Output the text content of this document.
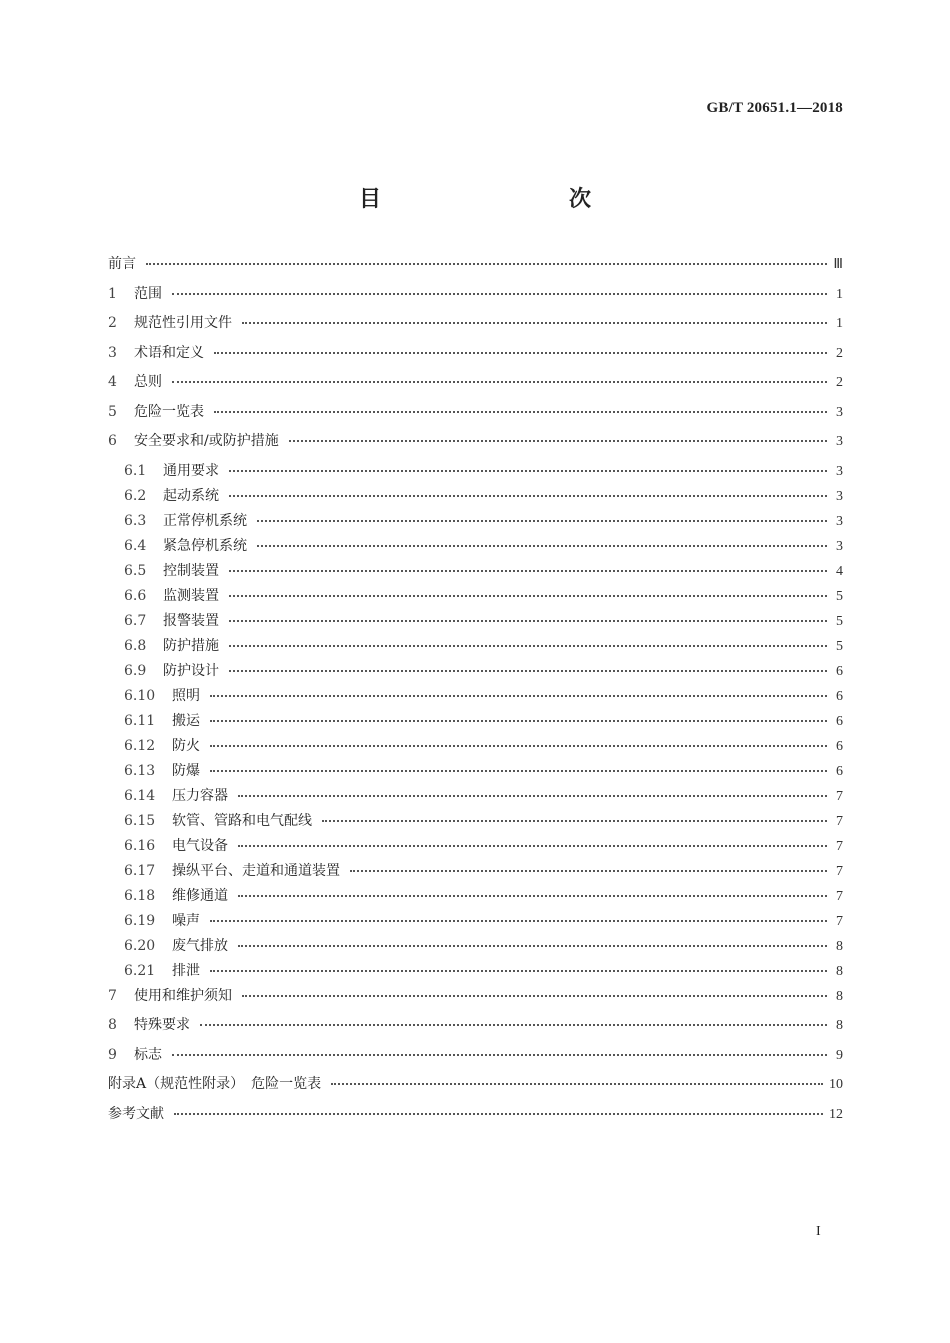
GB/T 20651.1—2018
目　　次
前言	Ⅲ
1	范围	1
2	规范性引用文件	1
3	术语和定义	2
4	总则	2
5	危险一览表	3
6	安全要求和/或防护措施	3
6.1	通用要求	3
6.2	起动系统	3
6.3	正常停机系统	3
6.4	紧急停机系统	3
6.5	控制装置	4
6.6	监测装置	5
6.7	报警装置	5
6.8	防护措施	5
6.9	防护设计	6
6.10	照明	6
6.11	搬运	6
6.12	防火	6
6.13	防爆	6
6.14	压力容器	7
6.15	软管、管路和电气配线	7
6.16	电气设备	7
6.17	操纵平台、走道和通道装置	7
6.18	维修通道	7
6.19	噪声	7
6.20	废气排放	8
6.21	排泄	8
7	使用和维护须知	8
8	特殊要求	8
9	标志	9
附录A（规范性附录）　危险一览表	10
参考文献	12
I
